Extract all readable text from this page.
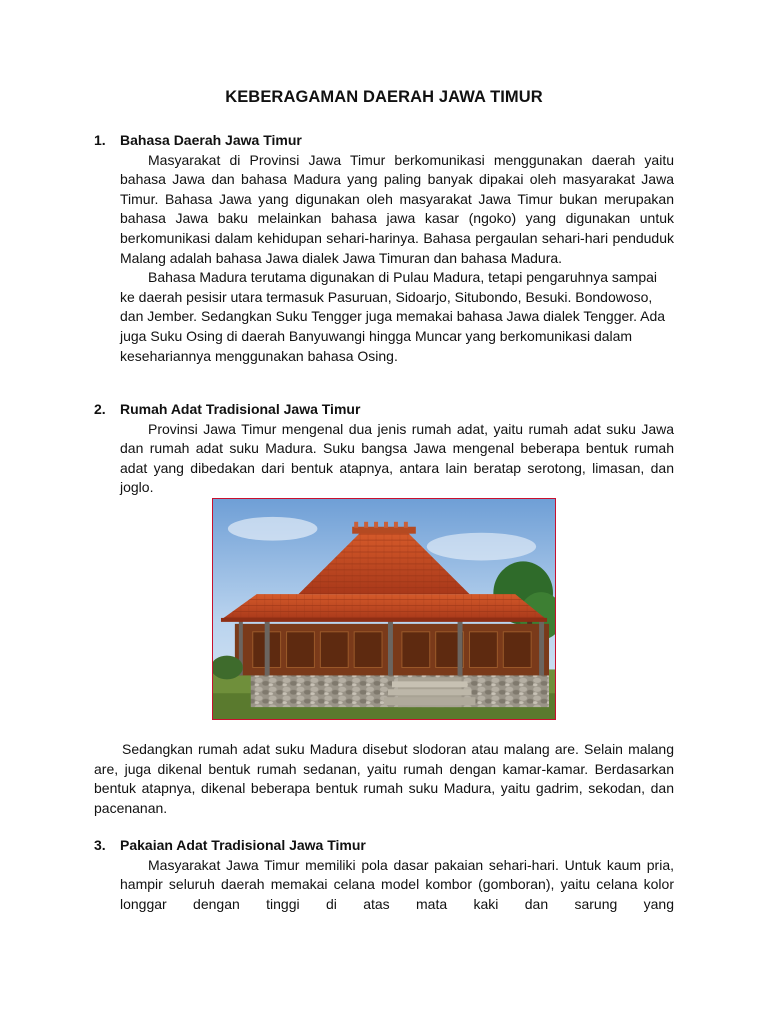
KEBERAGAMAN DAERAH JAWA TIMUR
1. Bahasa Daerah Jawa Timur

Masyarakat di Provinsi Jawa Timur berkomunikasi menggunakan daerah yaitu bahasa Jawa dan bahasa Madura yang paling banyak dipakai oleh masyarakat Jawa Timur. Bahasa Jawa yang digunakan oleh masyarakat Jawa Timur bukan merupakan bahasa Jawa baku melainkan bahasa jawa kasar (ngoko) yang digunakan untuk berkomunikasi dalam kehidupan sehari-harinya. Bahasa pergaulan sehari-hari penduduk Malang adalah bahasa Jawa dialek Jawa Timuran dan bahasa Madura.

Bahasa Madura terutama digunakan di Pulau Madura, tetapi pengaruhnya sampai ke daerah pesisir utara termasuk Pasuruan, Sidoarjo, Situbondo, Besuki. Bondowoso, dan Jember. Sedangkan Suku Tengger juga memakai bahasa Jawa dialek Tengger. Ada juga Suku Osing di daerah Banyuwangi hingga Muncar yang berkomunikasi dalam kesehariannya menggunakan bahasa Osing.

2. Rumah Adat Tradisional Jawa Timur

Provinsi Jawa Timur mengenal dua jenis rumah adat, yaitu rumah adat suku Jawa dan rumah adat suku Madura. Suku bangsa Jawa mengenal beberapa bentuk rumah adat yang dibedakan dari bentuk atapnya, antara lain beratap serotong, limasan, dan joglo.

Sedangkan rumah adat suku Madura disebut slodoran atau malang are. Selain malang are, juga dikenal bentuk rumah sedanan, yaitu rumah dengan kamar-kamar. Berdasarkan bentuk atapnya, dikenal beberapa bentuk rumah suku Madura, yaitu gadrim, sekodan, dan pacenanan.

3. Pakaian Adat Tradisional Jawa Timur

Masyarakat Jawa Timur memiliki pola dasar pakaian sehari-hari. Untuk kaum pria, hampir seluruh daerah memakai celana model kombor (gomboran), yaitu celana kolor longgar dengan tinggi di atas mata kaki dan sarung yang
